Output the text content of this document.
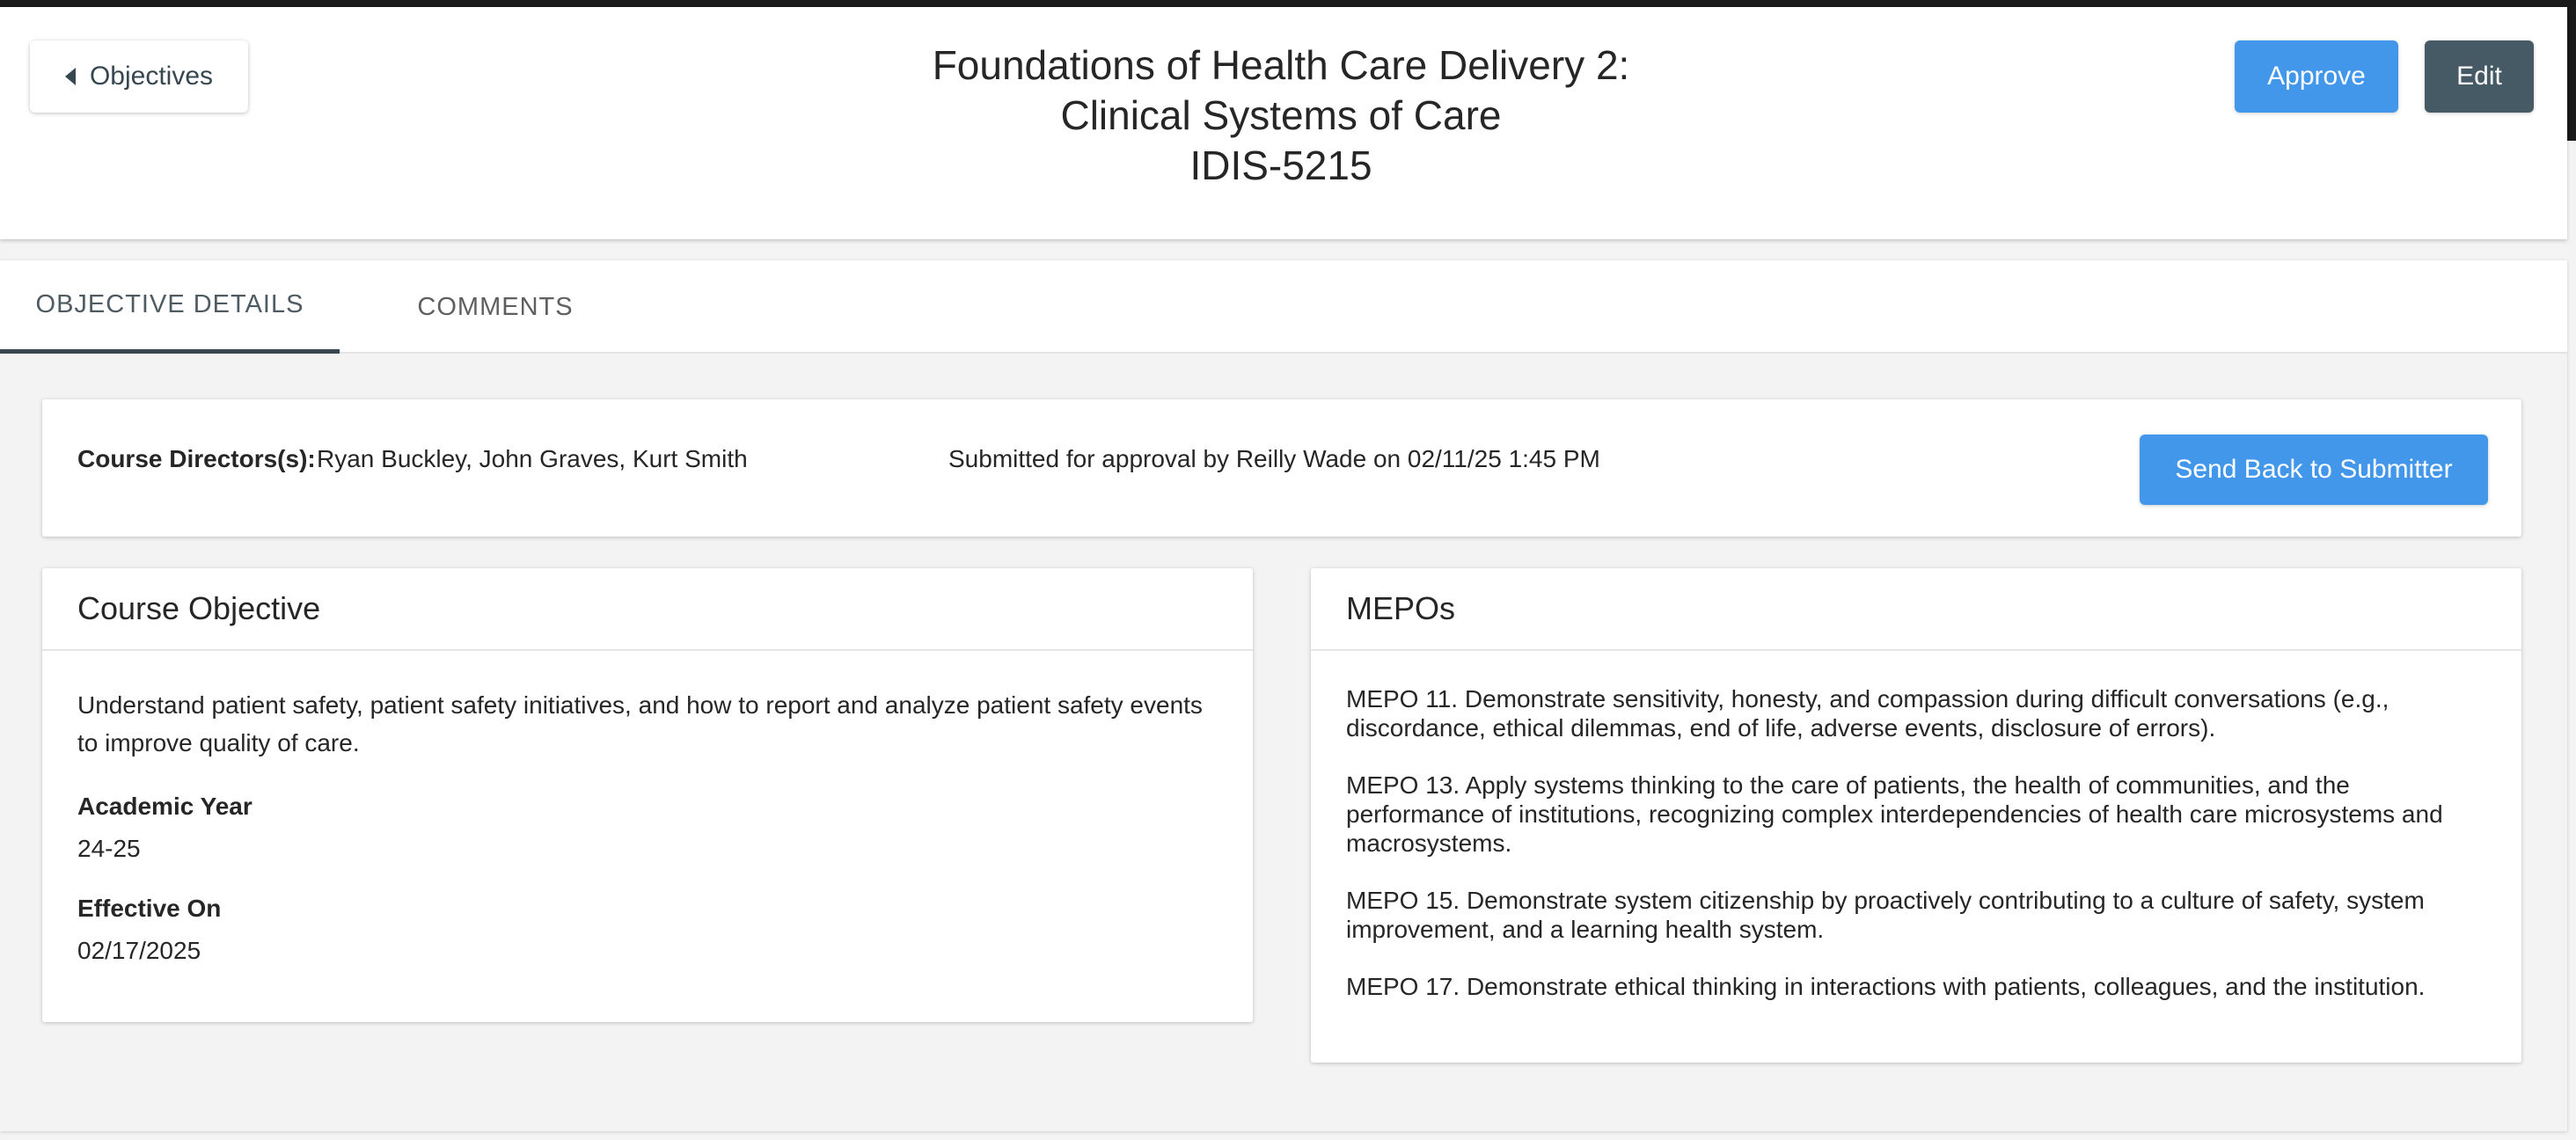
Objectives	Foundations of Health Care Delivery 2:
Clinical Systems of Care
IDIS-5215
Approve	Edit
OBJECTIVE DETAILS	COMMENTS
Course Directors(s): Ryan Buckley, John Graves, Kurt Smith	Submitted for approval by Reilly Wade on 02/11/25 1:45 PM	Send Back to Submitter
Course Objective
Understand patient safety, patient safety initiatives, and how to report and analyze patient safety events to improve quality of care.
Academic Year
24-25
Effective On
02/17/2025
MEPOs
MEPO 11. Demonstrate sensitivity, honesty, and compassion during difficult conversations (e.g., discordance, ethical dilemmas, end of life, adverse events, disclosure of errors).
MEPO 13. Apply systems thinking to the care of patients, the health of communities, and the performance of institutions, recognizing complex interdependencies of health care microsystems and macrosystems.
MEPO 15. Demonstrate system citizenship by proactively contributing to a culture of safety, system improvement, and a learning health system.
MEPO 17. Demonstrate ethical thinking in interactions with patients, colleagues, and the institution.
